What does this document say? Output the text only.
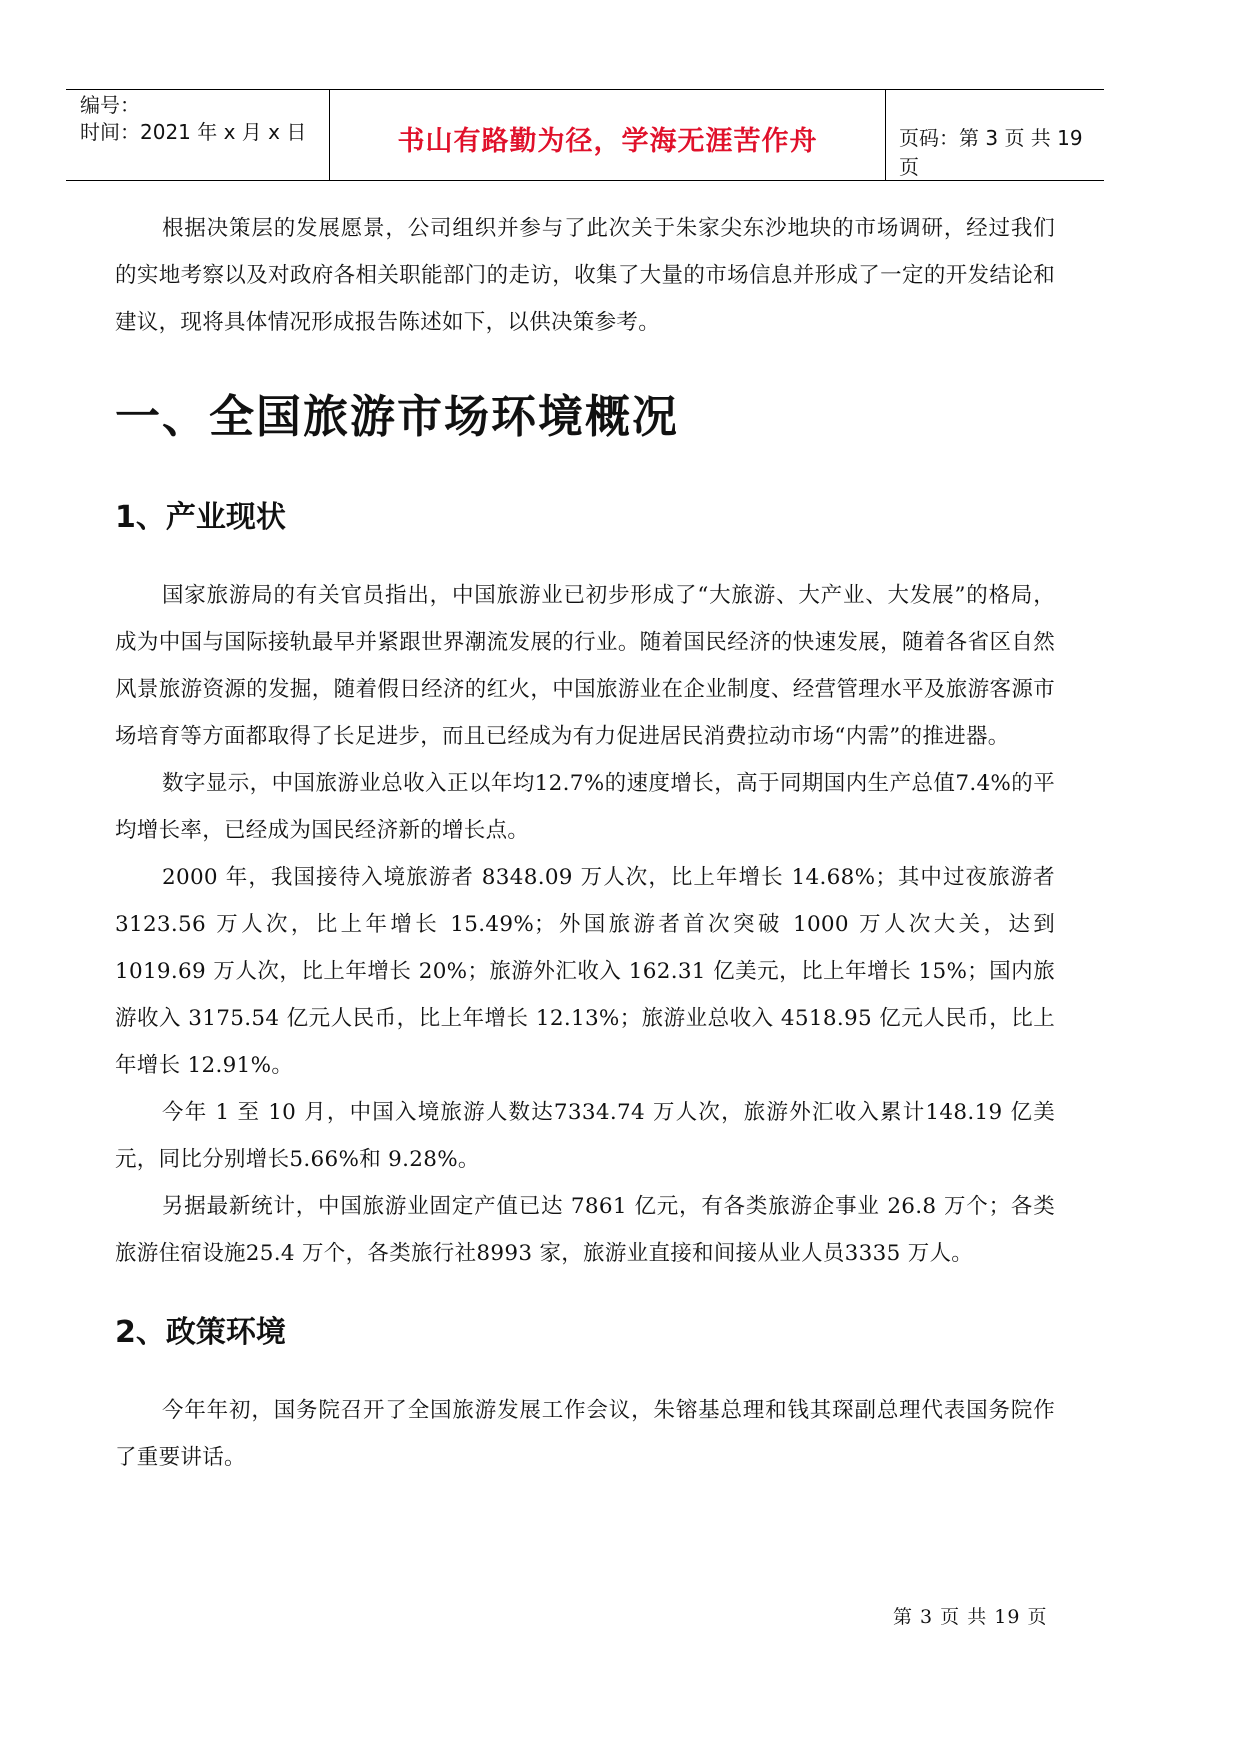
编号：
时间：2021 年 x 月 x 日	书山有路勤为径，学海无涯苦作舟	页码：第 3 页 共 19 页

根据决策层的发展愿景，公司组织并参与了此次关于朱家尖东沙地块的市场调研，经过我们的实地考察以及对政府各相关职能部门的走访，收集了大量的市场信息并形成了一定的开发结论和建议，现将具体情况形成报告陈述如下，以供决策参考。

一、全国旅游市场环境概况
1、产业现状

国家旅游局的有关官员指出，中国旅游业已初步形成了“大旅游、大产业、大发展”的格局，成为中国与国际接轨最早并紧跟世界潮流发展的行业。随着国民经济的快速发展，随着各省区自然风景旅游资源的发掘，随着假日经济的红火，中国旅游业在企业制度、经营管理水平及旅游客源市场培育等方面都取得了长足进步，而且已经成为有力促进居民消费拉动市场“内需”的推进器。

数字显示，中国旅游业总收入正以年均12.7%的速度增长，高于同期国内生产总值7.4%的平均增长率，已经成为国民经济新的增长点。

2000 年，我国接待入境旅游者 8348.09 万人次，比上年增长 14.68%；其中过夜旅游者 3123.56 万人次，比上年增长 15.49%；外国旅游者首次突破 1000 万人次大关，达到 1019.69 万人次，比上年增长 20%；旅游外汇收入 162.31 亿美元，比上年增长 15%；国内旅游收入 3175.54 亿元人民币，比上年增长 12.13%；旅游业总收入 4518.95 亿元人民币，比上年增长 12.91%。

今年 1 至 10 月，中国入境旅游人数达7334.74 万人次，旅游外汇收入累计148.19 亿美元，同比分别增长5.66%和 9.28%。

另据最新统计，中国旅游业固定产值已达 7861 亿元，有各类旅游企事业 26.8 万个；各类旅游住宿设施25.4 万个，各类旅行社8993 家，旅游业直接和间接从业人员3335 万人。

2、政策环境

今年年初，国务院召开了全国旅游发展工作会议，朱镕基总理和钱其琛副总理代表国务院作了重要讲话。

第 3 页 共 19 页
